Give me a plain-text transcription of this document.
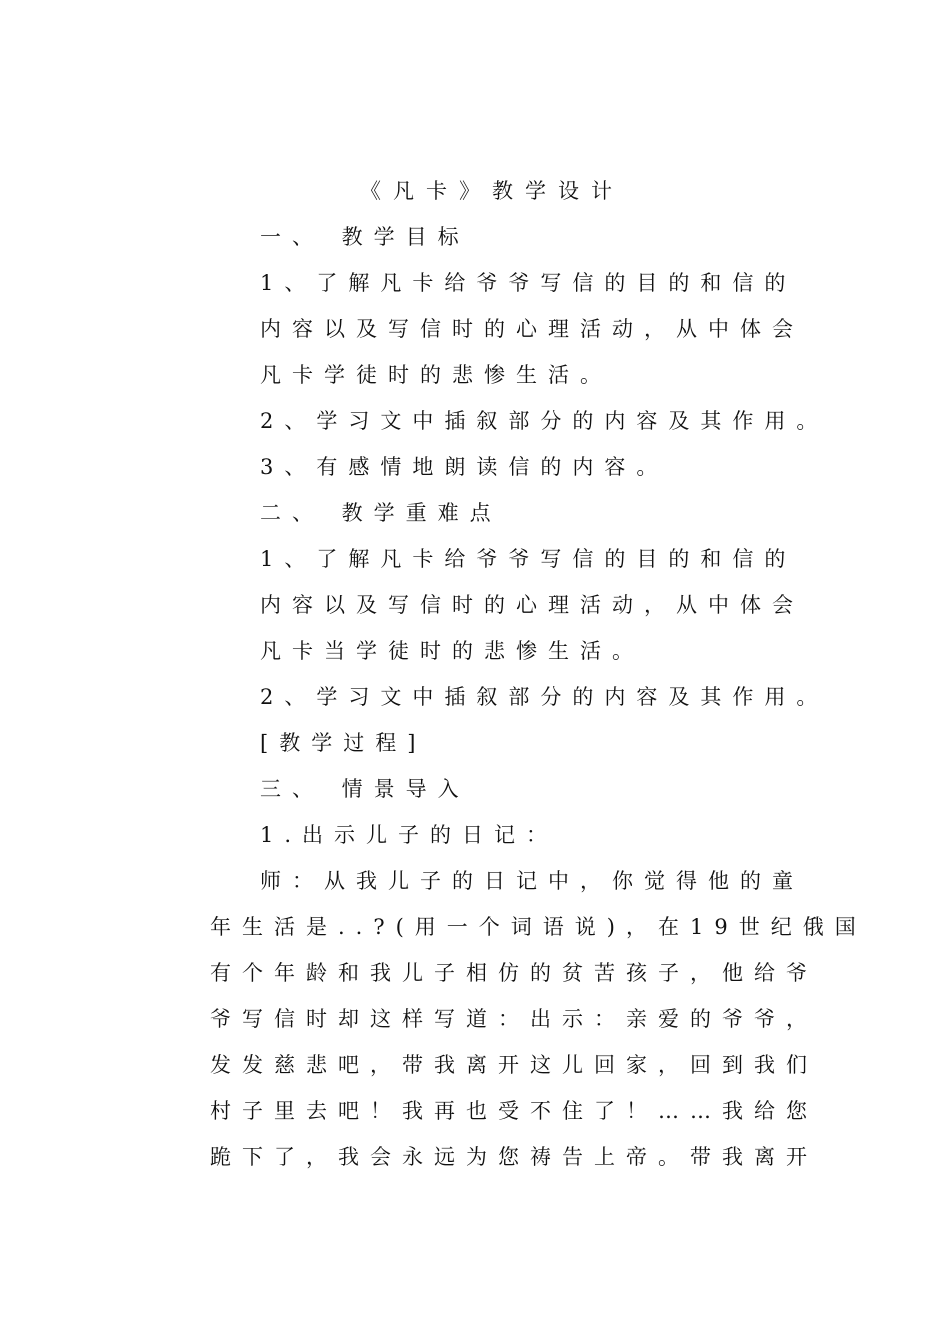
《凡卡》教学设计
一、 教学目标
1、了解凡卡给爷爷写信的目的和信的
内容以及写信时的心理活动，从中体会
凡卡学徒时的悲惨生活。
2、学习文中插叙部分的内容及其作用。
3、有感情地朗读信的内容。
二、 教学重难点
1、了解凡卡给爷爷写信的目的和信的
内容以及写信时的心理活动，从中体会
凡卡当学徒时的悲惨生活。
2、学习文中插叙部分的内容及其作用。
[教学过程]
三、 情景导入
1.出示儿子的日记：
师：从我儿子的日记中，你觉得他的童
年生活是..?(用一个词语说)，在19世纪俄国
有个年龄和我儿子相仿的贫苦孩子，他给爷
爷写信时却这样写道：出示：亲爱的爷爷，
发发慈悲吧，带我离开这儿回家，回到我们
村子里去吧！我再也受不住了！……我给您
跪下了，我会永远为您祷告上帝。带我离开
